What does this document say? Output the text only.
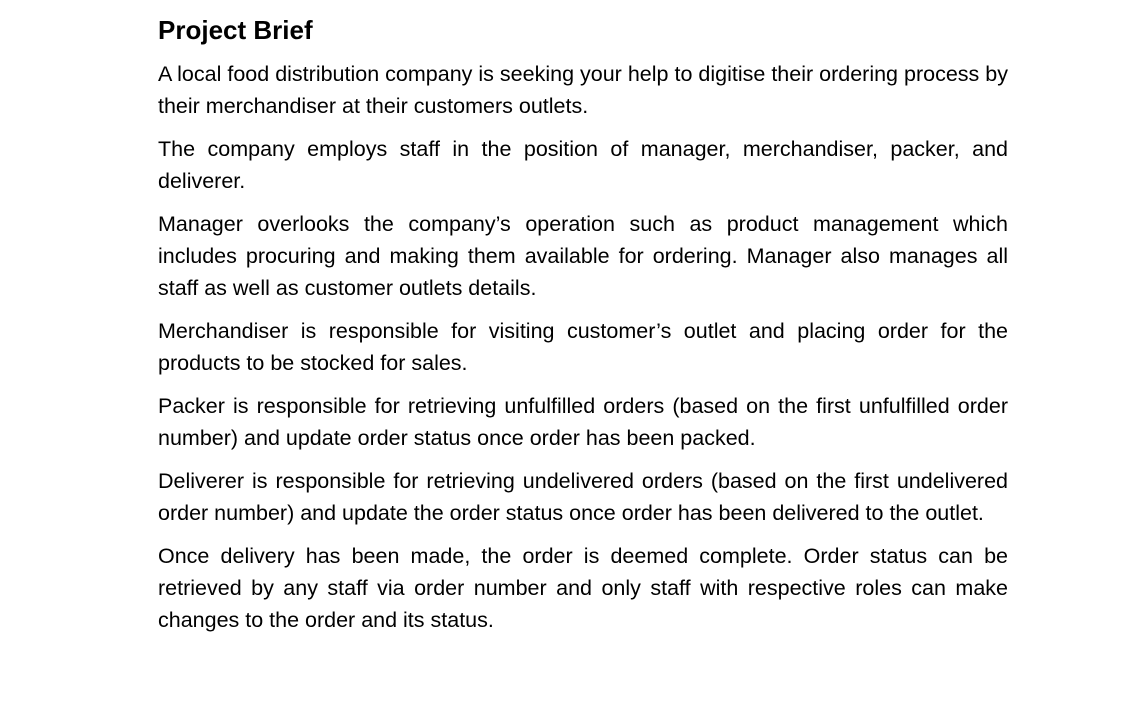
Project Brief

A local food distribution company is seeking your help to digitise their ordering process by their merchandiser at their customers outlets.

The company employs staff in the position of manager, merchandiser, packer, and deliverer.

Manager overlooks the company’s operation such as product management which includes procuring and making them available for ordering. Manager also manages all staff as well as customer outlets details.

Merchandiser is responsible for visiting customer’s outlet and placing order for the products to be stocked for sales.

Packer is responsible for retrieving unfulfilled orders (based on the first unfulfilled order number) and update order status once order has been packed.

Deliverer is responsible for retrieving undelivered orders (based on the first undelivered order number) and update the order status once order has been delivered to the outlet.

Once delivery has been made, the order is deemed complete. Order status can be retrieved by any staff via order number and only staff with respective roles can make changes to the order and its status.
